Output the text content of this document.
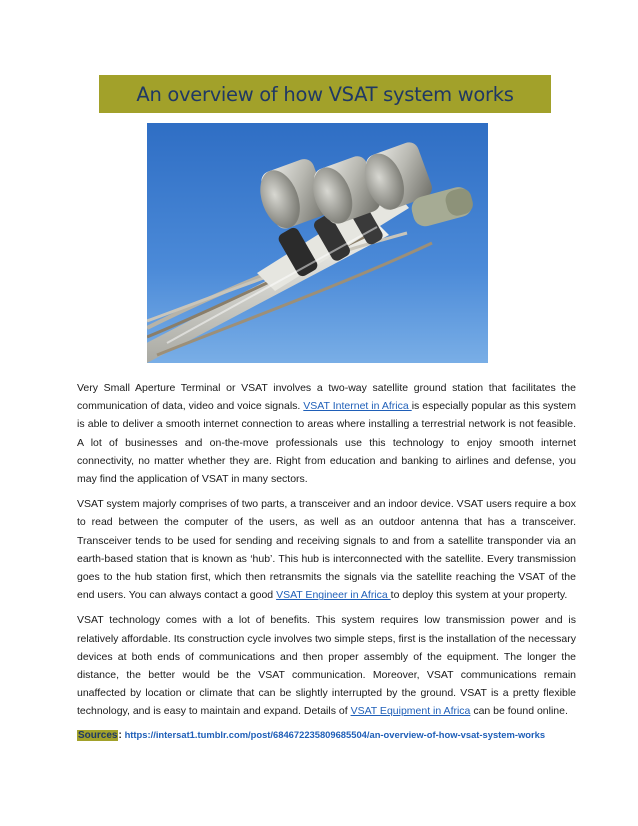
An overview of how VSAT system works

Very Small Aperture Terminal or VSAT involves a two-way satellite ground station that facilitates the communication of data, video and voice signals. VSAT Internet in Africa is especially popular as this system is able to deliver a smooth internet connection to areas where installing a terrestrial network is not feasible. A lot of businesses and on-the-move professionals use this technology to enjoy smooth internet connectivity, no matter whether they are. Right from education and banking to airlines and defense, you may find the application of VSAT in many sectors.

VSAT system majorly comprises of two parts, a transceiver and an indoor device. VSAT users require a box to read between the computer of the users, as well as an outdoor antenna that has a transceiver. Transceiver tends to be used for sending and receiving signals to and from a satellite transponder via an earth-based station that is known as ‘hub’. This hub is interconnected with the satellite. Every transmission goes to the hub station first, which then retransmits the signals via the satellite reaching the VSAT of the end users. You can always contact a good VSAT Engineer in Africa to deploy this system at your property.

VSAT technology comes with a lot of benefits. This system requires low transmission power and is relatively affordable. Its construction cycle involves two simple steps, first is the installation of the necessary devices at both ends of communications and then proper assembly of the equipment. The longer the distance, the better would be the VSAT communication. Moreover, VSAT communications remain unaffected by location or climate that can be slightly interrupted by the ground. VSAT is a pretty flexible technology, and is easy to maintain and expand. Details of VSAT Equipment in Africa can be found online.

Sources: https://intersat1.tumblr.com/post/684672235809685504/an-overview-of-how-vsat-system-works
